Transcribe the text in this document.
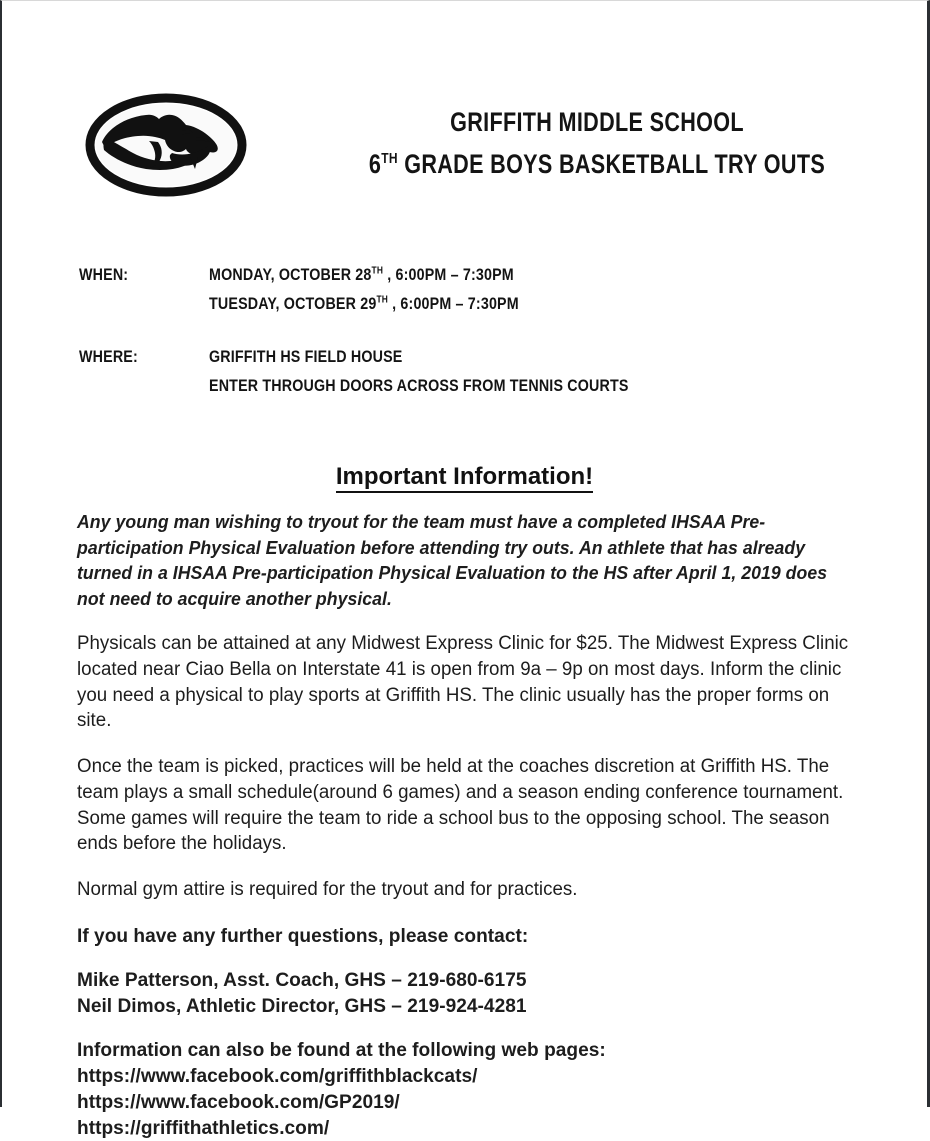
GRIFFITH MIDDLE SCHOOL
6TH GRADE BOYS BASKETBALL TRY OUTS
WHEN:	MONDAY, OCTOBER 28TH , 6:00PM – 7:30PM
TUESDAY, OCTOBER 29TH , 6:00PM – 7:30PM
WHERE:	GRIFFITH HS FIELD HOUSE
ENTER THROUGH DOORS ACROSS FROM TENNIS COURTS
Important Information!

Any young man wishing to tryout for the team must have a completed IHSAA Pre-participation Physical Evaluation before attending try outs. An athlete that has already turned in a IHSAA Pre-participation Physical Evaluation to the HS after April 1, 2019 does not need to acquire another physical.

Physicals can be attained at any Midwest Express Clinic for $25. The Midwest Express Clinic located near Ciao Bella on Interstate 41 is open from 9a – 9p on most days. Inform the clinic you need a physical to play sports at Griffith HS. The clinic usually has the proper forms on site.

Once the team is picked, practices will be held at the coaches discretion at Griffith HS. The team plays a small schedule(around 6 games) and a season ending conference tournament. Some games will require the team to ride a school bus to the opposing school. The season ends before the holidays.

Normal gym attire is required for the tryout and for practices.

If you have any further questions, please contact:

Mike Patterson, Asst. Coach, GHS – 219-680-6175

Neil Dimos, Athletic Director, GHS – 219-924-4281

Information can also be found at the following web pages:

https://www.facebook.com/griffithblackcats/

https://www.facebook.com/GP2019/

https://griffithathletics.com/
